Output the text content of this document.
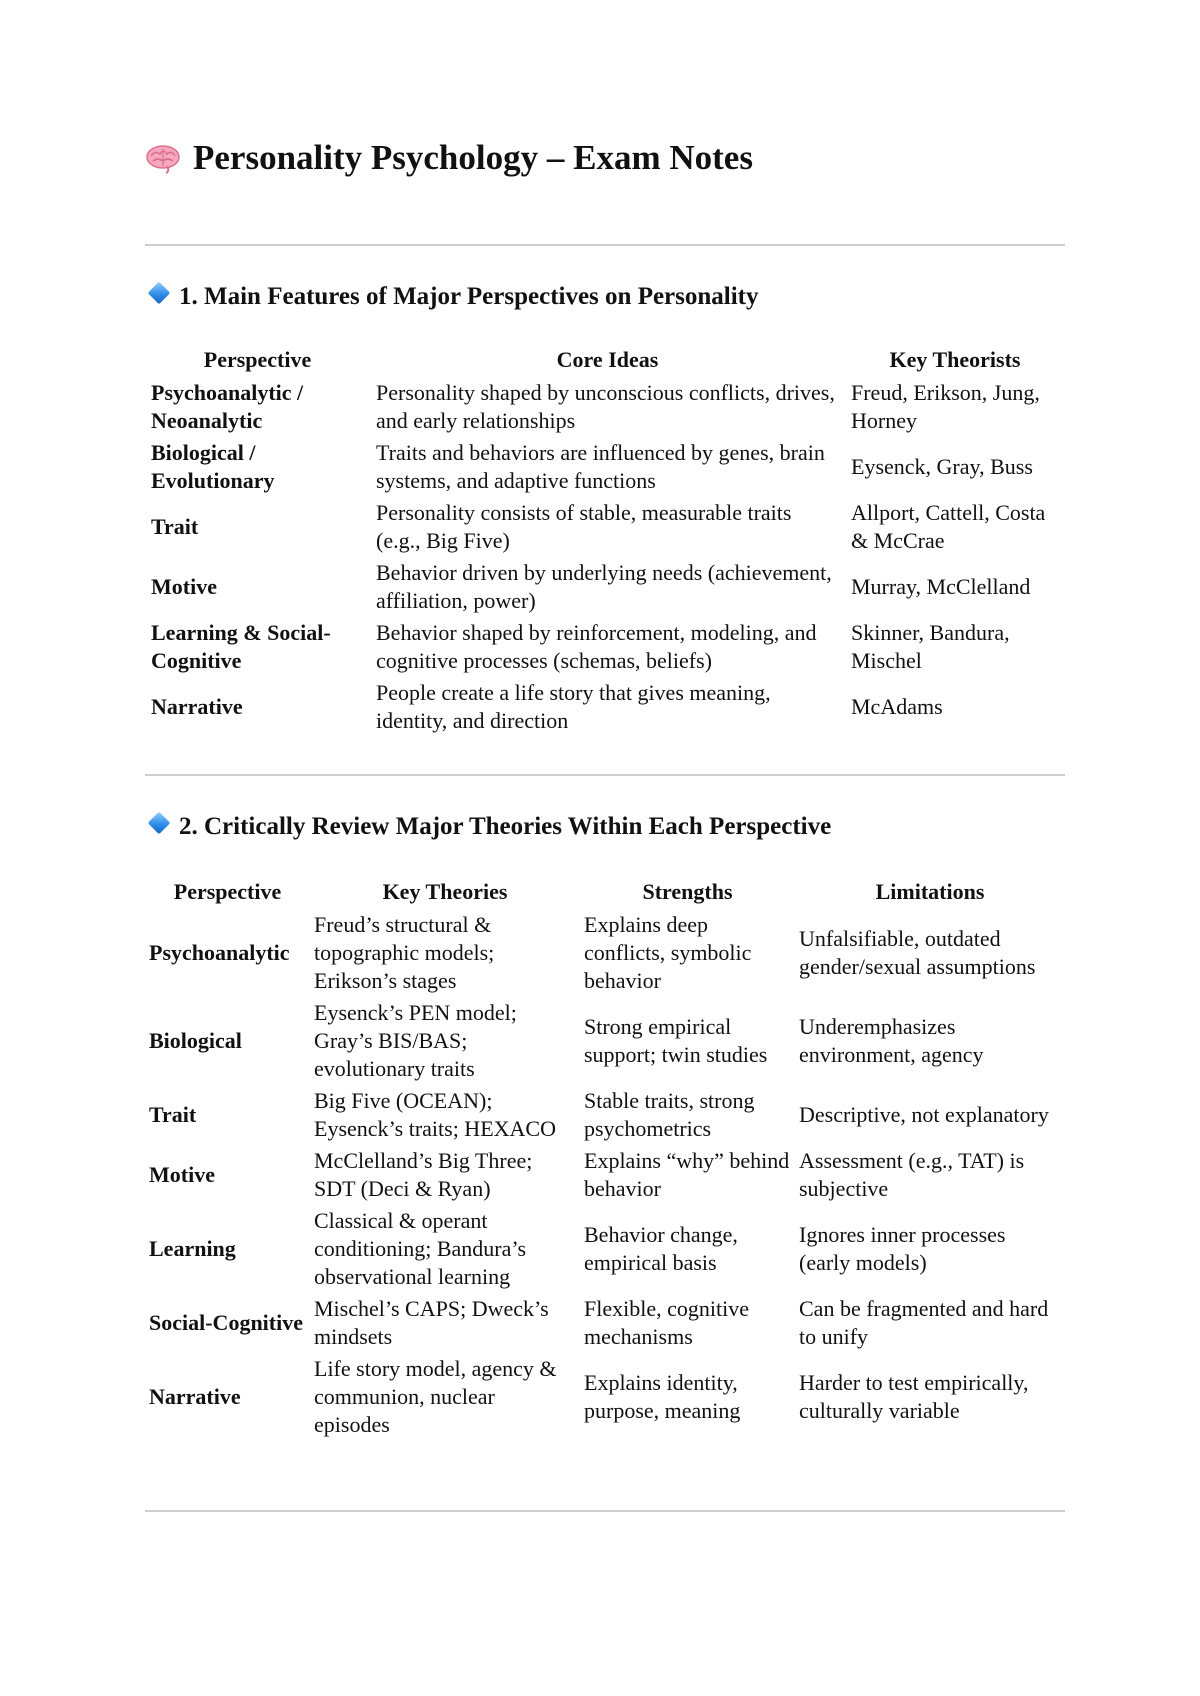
Personality Psychology – Exam Notes
1. Main Features of Major Perspectives on Personality
Perspective	Core Ideas	Key Theorists
Psychoanalytic / Neoanalytic	Personality shaped by unconscious conflicts, drives, and early relationships	Freud, Erikson, Jung, Horney
Biological / Evolutionary	Traits and behaviors are influenced by genes, brain systems, and adaptive functions	Eysenck, Gray, Buss
Trait	Personality consists of stable, measurable traits (e.g., Big Five)	Allport, Cattell, Costa & McCrae
Motive	Behavior driven by underlying needs (achievement, affiliation, power)	Murray, McClelland
Learning & Social-Cognitive	Behavior shaped by reinforcement, modeling, and cognitive processes (schemas, beliefs)	Skinner, Bandura, Mischel
Narrative	People create a life story that gives meaning, identity, and direction	McAdams
2. Critically Review Major Theories Within Each Perspective
Perspective	Key Theories	Strengths	Limitations
Psychoanalytic	Freud’s structural & topographic models; Erikson’s stages	Explains deep conflicts, symbolic behavior	Unfalsifiable, outdated gender/sexual assumptions
Biological	Eysenck’s PEN model; Gray’s BIS/BAS; evolutionary traits	Strong empirical support; twin studies	Underemphasizes environment, agency
Trait	Big Five (OCEAN); Eysenck’s traits; HEXACO	Stable traits, strong psychometrics	Descriptive, not explanatory
Motive	McClelland’s Big Three; SDT (Deci & Ryan)	Explains “why” behind behavior	Assessment (e.g., TAT) is subjective
Learning	Classical & operant conditioning; Bandura’s observational learning	Behavior change, empirical basis	Ignores inner processes (early models)
Social-Cognitive	Mischel’s CAPS; Dweck’s mindsets	Flexible, cognitive mechanisms	Can be fragmented and hard to unify
Narrative	Life story model, agency & communion, nuclear episodes	Explains identity, purpose, meaning	Harder to test empirically, culturally variable
